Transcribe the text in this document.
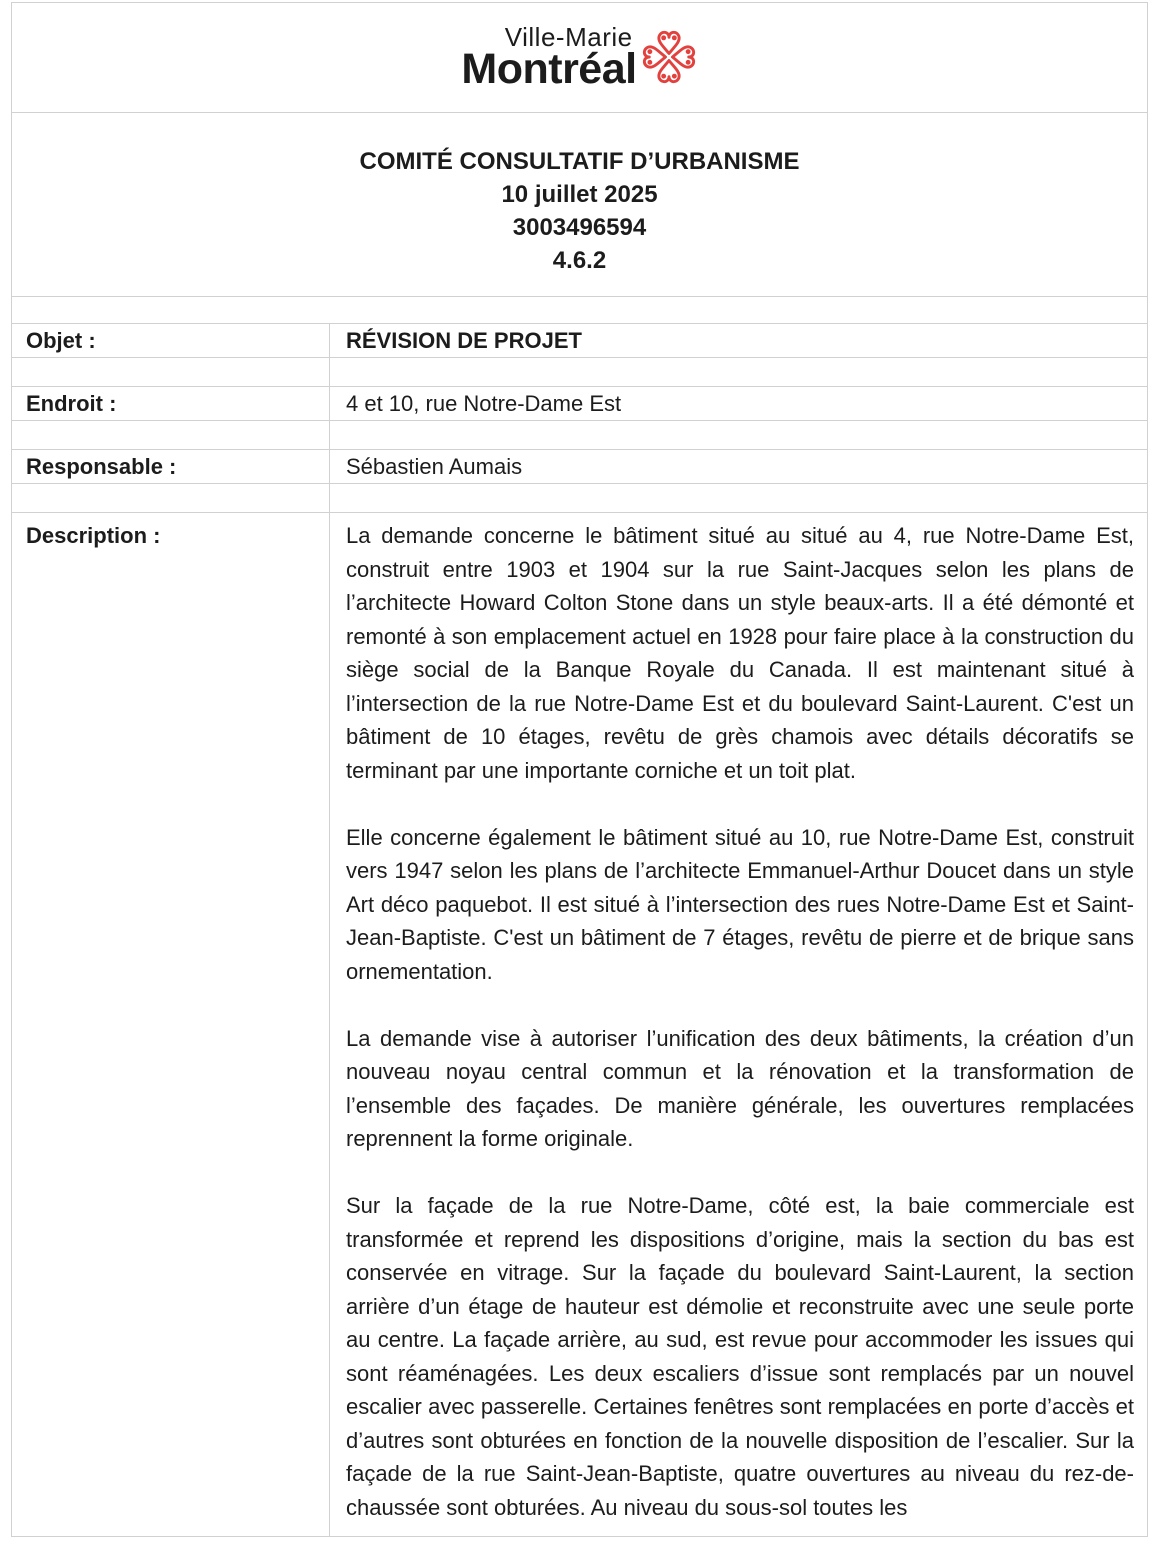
Ville-Marie
Montréal
COMITÉ CONSULTATIF D’URBANISME
10 juillet 2025
3003496594
4.6.2
Objet :	RÉVISION DE PROJET
Endroit :	4 et 10, rue Notre-Dame Est
Responsable :	Sébastien Aumais
Description :	La demande concerne le bâtiment situé au situé au 4, rue Notre-Dame Est, construit entre 1903 et 1904 sur la rue Saint-Jacques selon les plans de l’architecte Howard Colton Stone dans un style beaux-arts. Il a été démonté et remonté à son emplacement actuel en 1928 pour faire place à la construction du siège social de la Banque Royale du Canada. Il est maintenant situé à l’intersection de la rue Notre-Dame Est et du boulevard Saint-Laurent. C'est un bâtiment de 10 étages, revêtu de grès chamois avec détails décoratifs se terminant par une importante corniche et un toit plat.

Elle concerne également le bâtiment situé au 10, rue Notre-Dame Est, construit vers 1947 selon les plans de l’architecte Emmanuel-Arthur Doucet dans un style Art déco paquebot. Il est situé à l’intersection des rues Notre-Dame Est et Saint-Jean-Baptiste. C'est un bâtiment de 7 étages, revêtu de pierre et de brique sans ornementation.

La demande vise à autoriser l’unification des deux bâtiments, la création d’un nouveau noyau central commun et la rénovation et la transformation de l’ensemble des façades. De manière générale, les ouvertures remplacées reprennent la forme originale.

Sur la façade de la rue Notre-Dame, côté est, la baie commerciale est transformée et reprend les dispositions d’origine, mais la section du bas est conservée en vitrage. Sur la façade du boulevard Saint-Laurent, la section arrière d’un étage de hauteur est démolie et reconstruite avec une seule porte au centre. La façade arrière, au sud, est revue pour accommoder les issues qui sont réaménagées. Les deux escaliers d’issue sont remplacés par un nouvel escalier avec passerelle. Certaines fenêtres sont remplacées en porte d’accès et d’autres sont obturées en fonction de la nouvelle disposition de l’escalier. Sur la façade de la rue Saint-Jean-Baptiste, quatre ouvertures au niveau du rez-de-chaussée sont obturées. Au niveau du sous-sol toutes les
